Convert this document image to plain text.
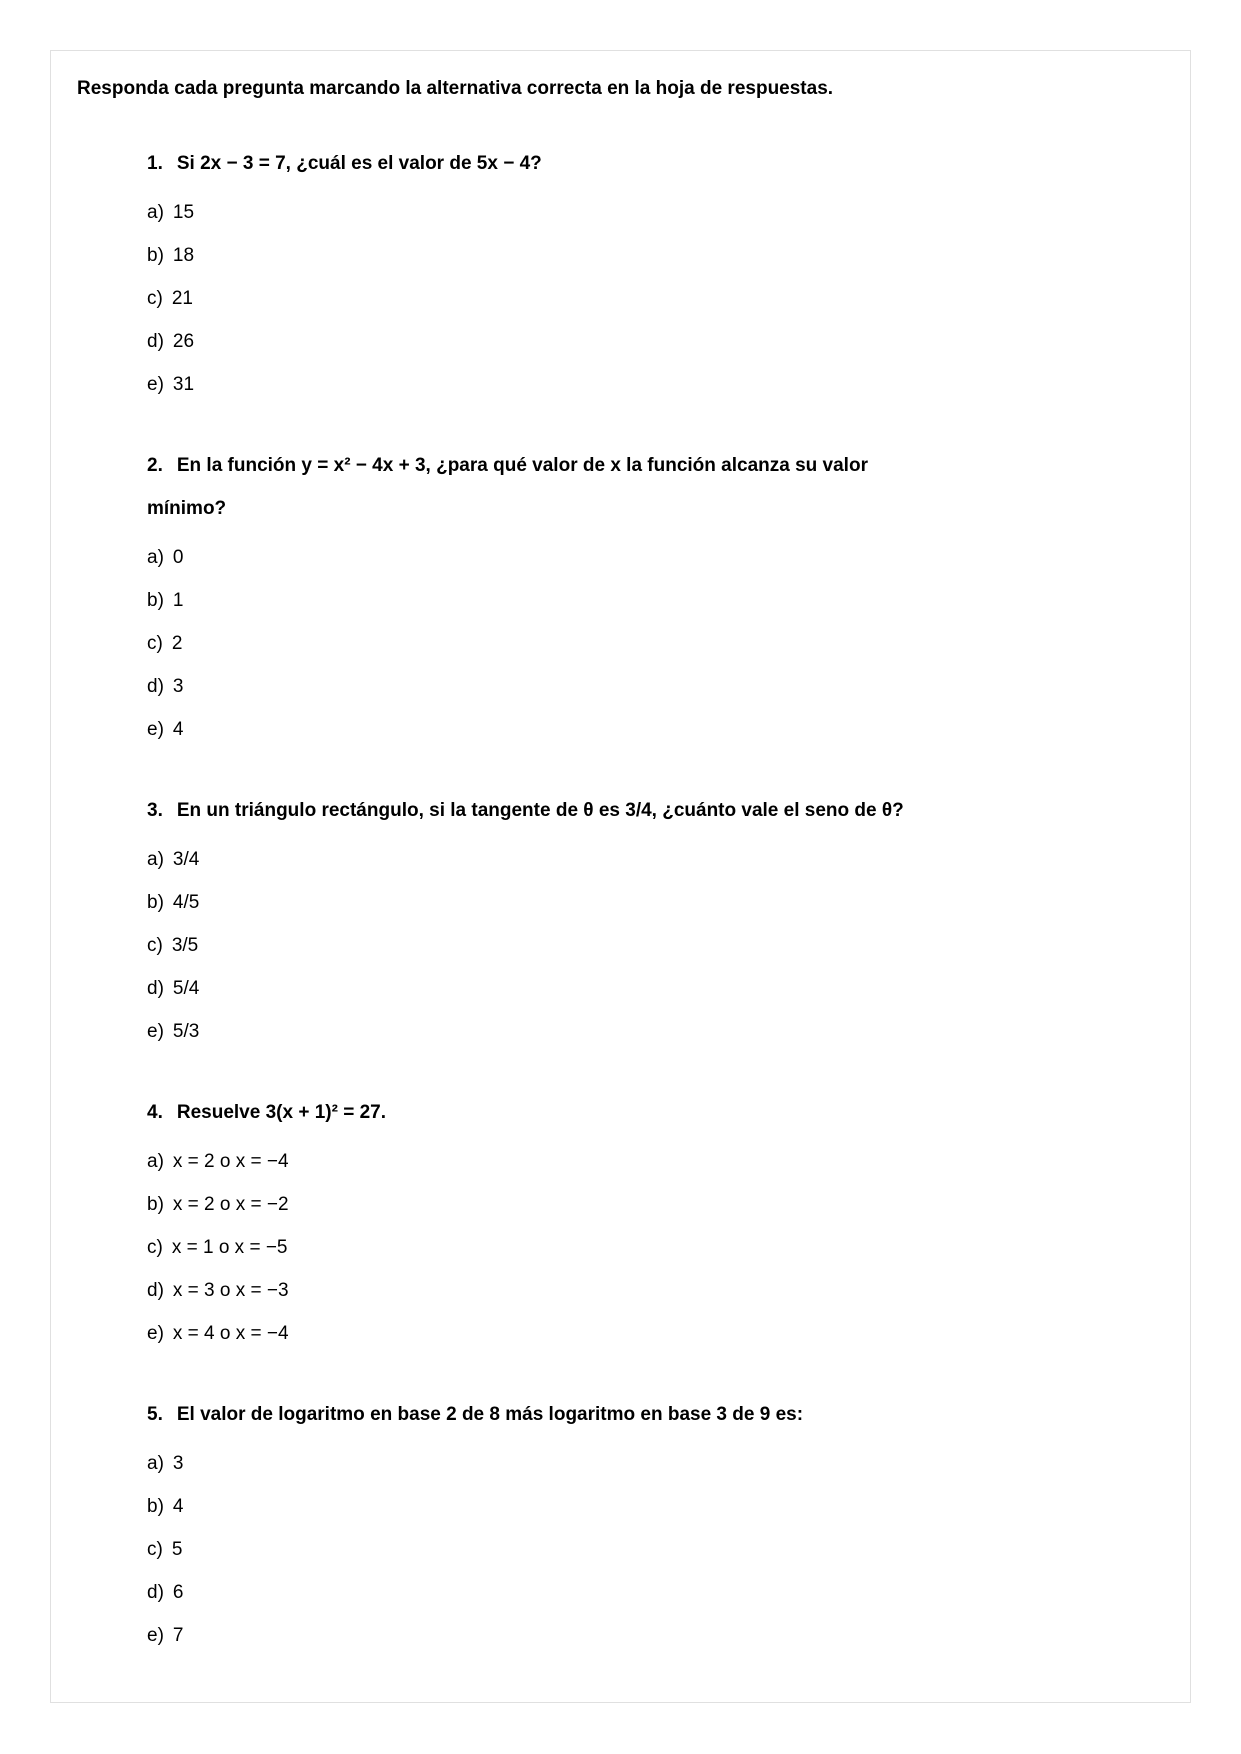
Responda cada pregunta marcando la alternativa correcta en la hoja de respuestas.

1. Si 2x − 3 = 7, ¿cuál es el valor de 5x − 4?

a) 15

b) 18

c) 21

d) 26

e) 31

2. En la función y = x² − 4x + 3, ¿para qué valor de x la función alcanza su valor
mínimo?

a) 0

b) 1

c) 2

d) 3

e) 4

3. En un triángulo rectángulo, si la tangente de θ es 3/4, ¿cuánto vale el seno de θ?

a) 3/4

b) 4/5

c) 3/5

d) 5/4

e) 5/3

4. Resuelve 3(x + 1)² = 27.

a) x = 2 o x = −4

b) x = 2 o x = −2

c) x = 1 o x = −5

d) x = 3 o x = −3

e) x = 4 o x = −4

5. El valor de logaritmo en base 2 de 8 más logaritmo en base 3 de 9 es:

a) 3

b) 4

c) 5

d) 6

e) 7
